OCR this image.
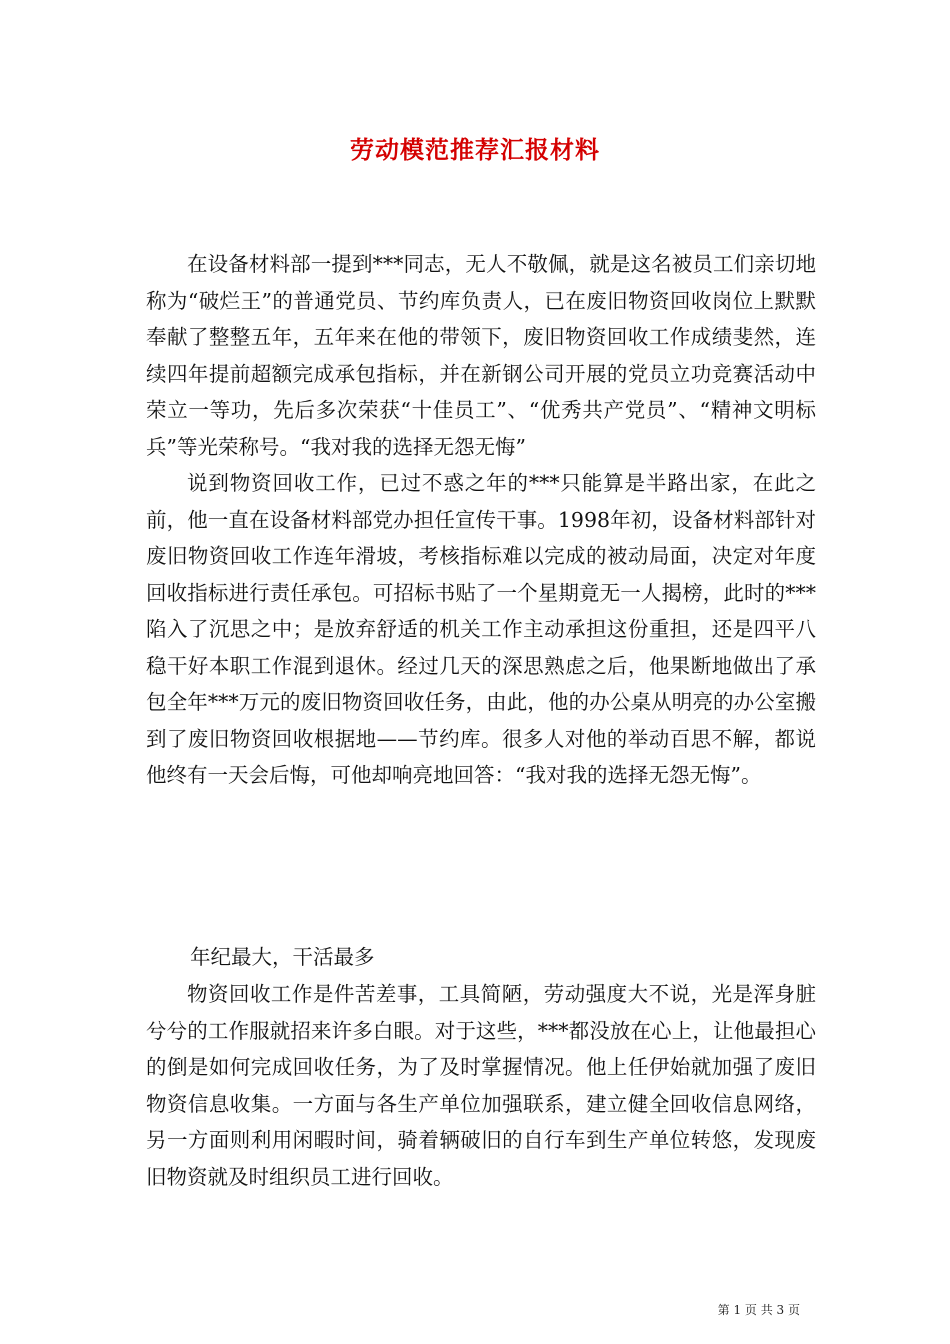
劳动模范推荐汇报材料

在设备材料部一提到***同志，无人不敬佩，就是这名被员工们亲切地称为“破烂王”的普通党员、节约库负责人，已在废旧物资回收岗位上默默奉献了整整五年，五年来在他的带领下，废旧物资回收工作成绩斐然，连续四年提前超额完成承包指标，并在新钢公司开展的党员立功竞赛活动中荣立一等功，先后多次荣获“十佳员工”、“优秀共产党员”、“精神文明标兵”等光荣称号。“我对我的选择无怨无悔”

说到物资回收工作，已过不惑之年的***只能算是半路出家，在此之前，他一直在设备材料部党办担任宣传干事。1998年初，设备材料部针对废旧物资回收工作连年滑坡，考核指标难以完成的被动局面，决定对年度回收指标进行责任承包。可招标书贴了一个星期竟无一人揭榜，此时的***陷入了沉思之中；是放弃舒适的机关工作主动承担这份重担，还是四平八稳干好本职工作混到退休。经过几天的深思熟虑之后，他果断地做出了承包全年***万元的废旧物资回收任务，由此，他的办公桌从明亮的办公室搬到了废旧物资回收根据地——节约库。很多人对他的举动百思不解，都说他终有一天会后悔，可他却响亮地回答：“我对我的选择无怨无悔”。

年纪最大，干活最多

物资回收工作是件苦差事，工具简陋，劳动强度大不说，光是浑身脏兮兮的工作服就招来许多白眼。对于这些，***都没放在心上，让他最担心的倒是如何完成回收任务，为了及时掌握情况。他上任伊始就加强了废旧物资信息收集。一方面与各生产单位加强联系，建立健全回收信息网络，另一方面则利用闲暇时间，骑着辆破旧的自行车到生产单位转悠，发现废旧物资就及时组织员工进行回收。

第 1 页 共 3 页
